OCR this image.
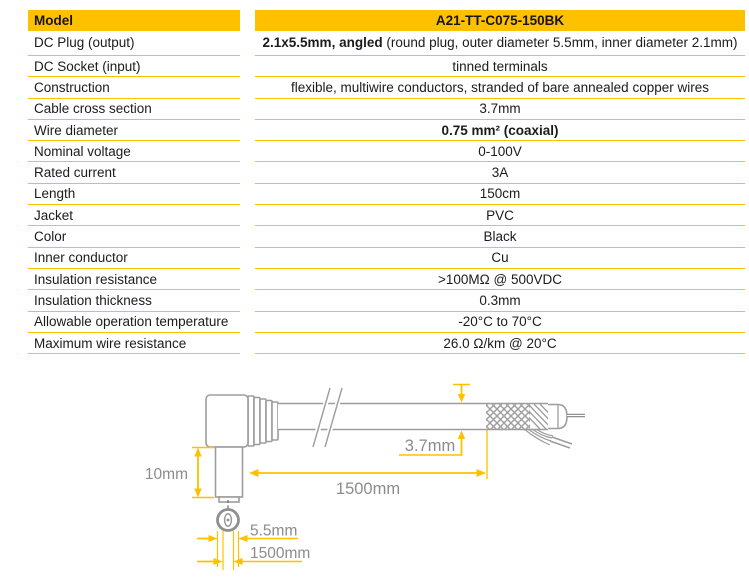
Model	A21-TT-C075-150BK
DC Plug (output)	2.1x5.5mm, angled (round plug, outer diameter 5.5mm, inner diameter 2.1mm)
DC Socket (input)	tinned terminals
Construction	flexible, multiwire conductors, stranded of bare annealed copper wires
Cable cross section	3.7mm
Wire diameter	0.75 mm² (coaxial)
Nominal voltage	0-100V
Rated current	3A
Length	150cm
Jacket	PVC
Color	Black
Inner conductor	Cu
Insulation resistance	>100MΩ @ 500VDC
Insulation thickness	0.3mm
Allowable operation temperature	-20°C to 70°C
Maximum wire resistance	26.0 Ω/km @ 20°C
10mm
1500mm
3.7mm
5.5mm
1500mm
